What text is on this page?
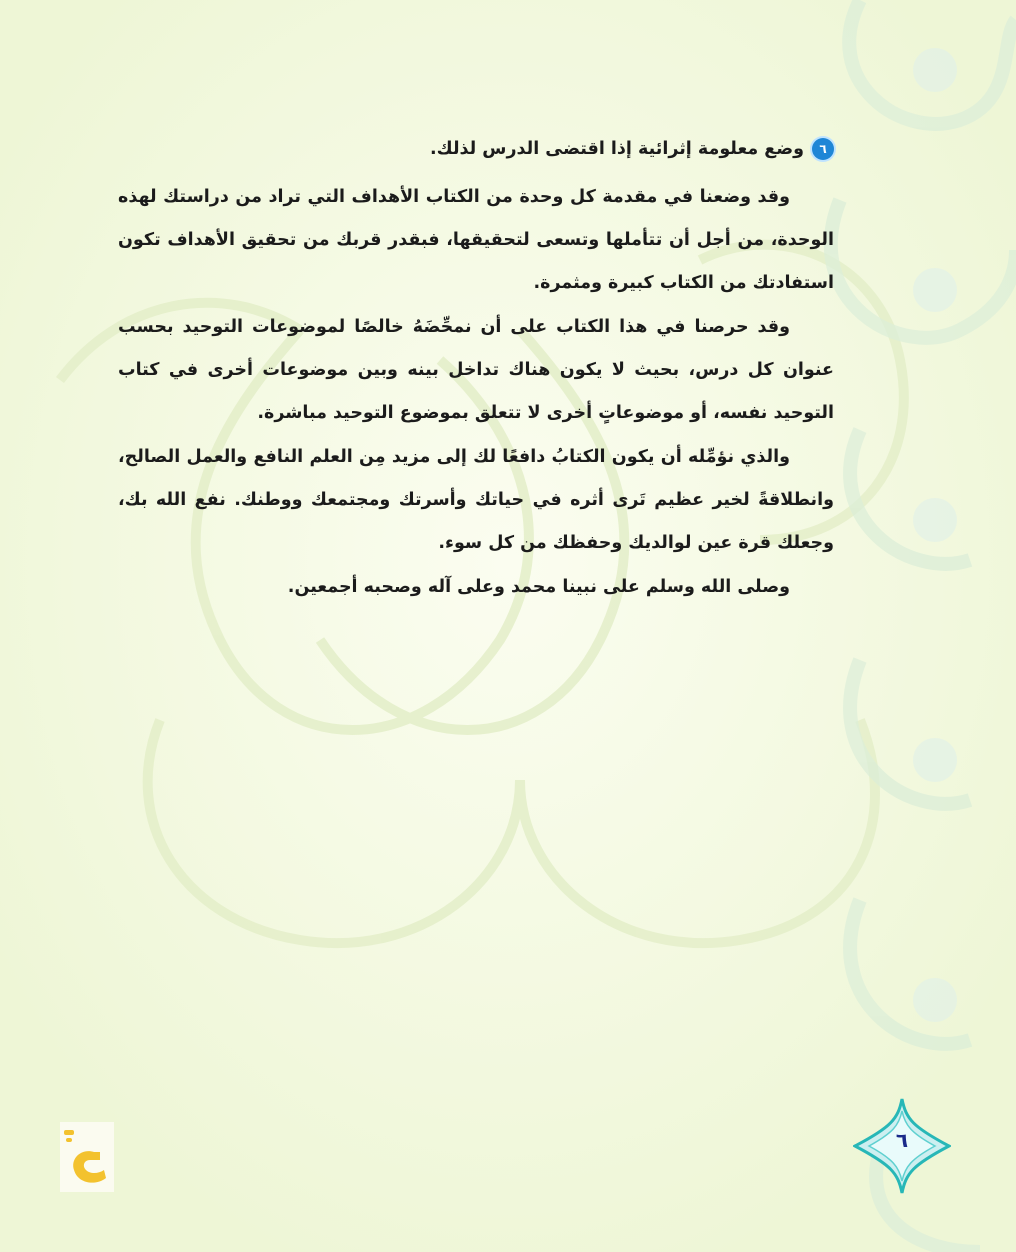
٦
وضع معلومة إثرائية إذا اقتضى الدرس لذلك.

وقد وضعنا في مقدمة كل وحدة من الكتاب الأهداف التي تراد من دراستك لهذه الوحدة، من أجل أن تتأملها وتسعى لتحقيقها، فبقدر قربك من تحقيق الأهداف تكون استفادتك من الكتاب كبيرة ومثمرة.

وقد حرصنا في هذا الكتاب على أن نمحِّضَهُ خالصًا لموضوعات التوحيد بحسب عنوان كل درس، بحيث لا يكون هناك تداخل بينه وبين موضوعات أخرى في كتاب التوحيد نفسه، أو موضوعاتٍ أخرى لا تتعلق بموضوع التوحيد مباشرة.

والذي نؤمِّله أن يكون الكتابُ دافعًا لك إلى مزيد مِن العلم النافع والعمل الصالح، وانطلاقةً لخير عظيم تَرى أثره في حياتك وأسرتك ومجتمعك ووطنك. نفع الله بك، وجعلك قرة عين لوالديك وحفظك من كل سوء.

وصلى الله وسلم على نبينا محمد وعلى آله وصحبه أجمعين.
٦
